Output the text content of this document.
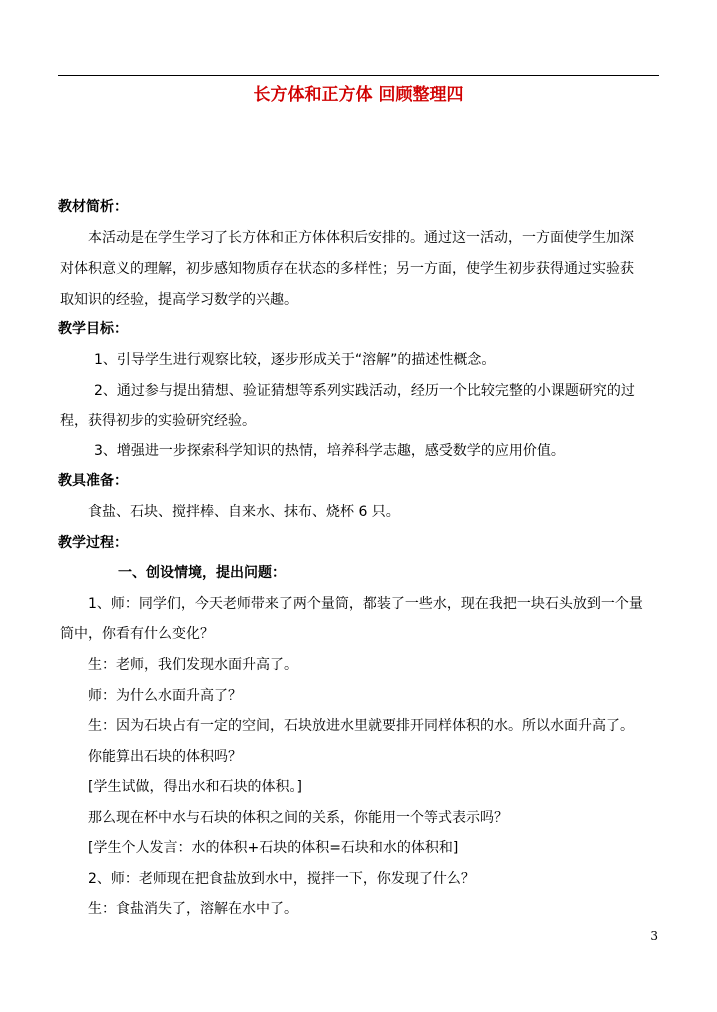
长方体和正方体 回顾整理四
教材简析：
本活动是在学生学习了长方体和正方体体积后安排的。通过这一活动，一方面使学生加深
对体积意义的理解，初步感知物质存在状态的多样性；另一方面，使学生初步获得通过实验获
取知识的经验，提高学习数学的兴趣。
教学目标：
1、引导学生进行观察比较，逐步形成关于“溶解”的描述性概念。
2、通过参与提出猜想、验证猜想等系列实践活动，经历一个比较完整的小课题研究的过
程，获得初步的实验研究经验。
3、增强进一步探索科学知识的热情，培养科学志趣，感受数学的应用价值。
教具准备：
食盐、石块、搅拌棒、自来水、抹布、烧杯 6 只。
教学过程：
一、创设情境，提出问题：
1、师：同学们，今天老师带来了两个量筒，都装了一些水，现在我把一块石头放到一个量
筒中，你看有什么变化？
生：老师，我们发现水面升高了。
师：为什么水面升高了？
生：因为石块占有一定的空间，石块放进水里就要排开同样体积的水。所以水面升高了。
你能算出石块的体积吗？
[学生试做，得出水和石块的体积。]
那么现在杯中水与石块的体积之间的关系，你能用一个等式表示吗？
[学生个人发言：水的体积+石块的体积=石块和水的体积和]
2、师：老师现在把食盐放到水中，搅拌一下，你发现了什么？
生：食盐消失了，溶解在水中了。
3
